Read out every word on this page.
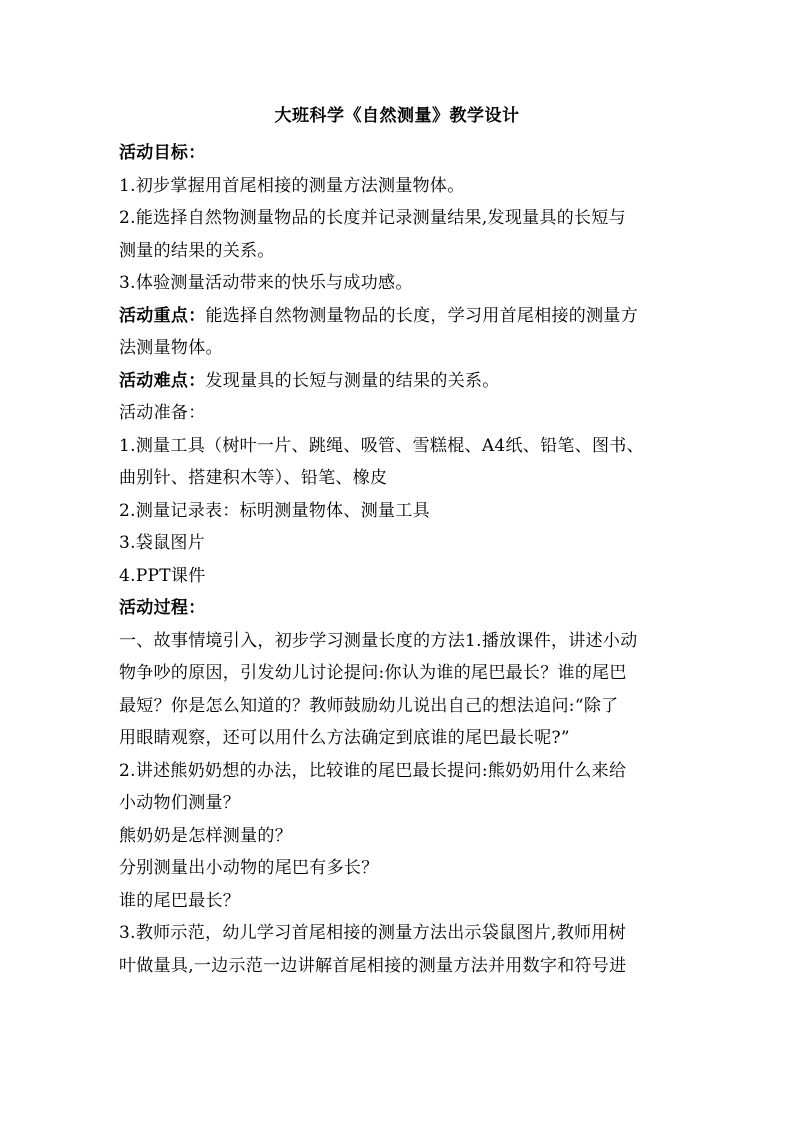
大班科学《自然测量》教学设计
活动目标：
1.初步掌握用首尾相接的测量方法测量物体。
2.能选择自然物测量物品的长度并记录测量结果,发现量具的长短与
测量的结果的关系。
3.体验测量活动带来的快乐与成功感。
活动重点：能选择自然物测量物品的长度，学习用首尾相接的测量方
法测量物体。
活动难点：发现量具的长短与测量的结果的关系。
活动准备：
1.测量工具（树叶一片、跳绳、吸管、雪糕棍、A4纸、铅笔、图书、
曲别针、搭建积木等）、铅笔、橡皮
2.测量记录表：标明测量物体、测量工具
3.袋鼠图片
4.PPT课件
活动过程：
一、故事情境引入，初步学习测量长度的方法1.播放课件，讲述小动
物争吵的原因，引发幼儿讨论提问:你认为谁的尾巴最长？谁的尾巴
最短？你是怎么知道的？教师鼓励幼儿说出自己的想法追问:“除了
用眼睛观察，还可以用什么方法确定到底谁的尾巴最长呢?”
2.讲述熊奶奶想的办法，比较谁的尾巴最长提问:熊奶奶用什么来给
小动物们测量？
熊奶奶是怎样测量的？
分别测量出小动物的尾巴有多长？
谁的尾巴最长？
3.教师示范，幼儿学习首尾相接的测量方法出示袋鼠图片,教师用树
叶做量具,一边示范一边讲解首尾相接的测量方法并用数字和符号进
